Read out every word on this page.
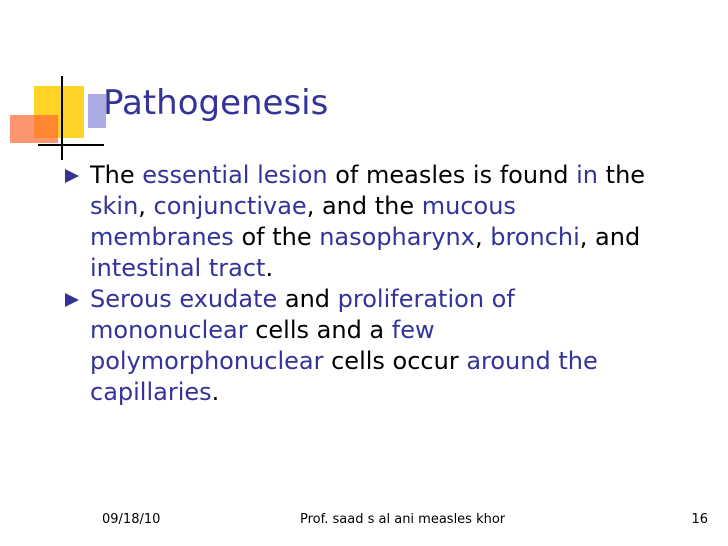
Pathogenesis
The essential lesion of measles is found in the skin, conjunctivae, and the mucous membranes of the nasopharynx, bronchi, and intestinal tract.
Serous exudate and proliferation of mononuclear cells and a few polymorphonuclear cells occur around the capillaries.
09/18/10	Prof. saad s al ani measles khor	16
